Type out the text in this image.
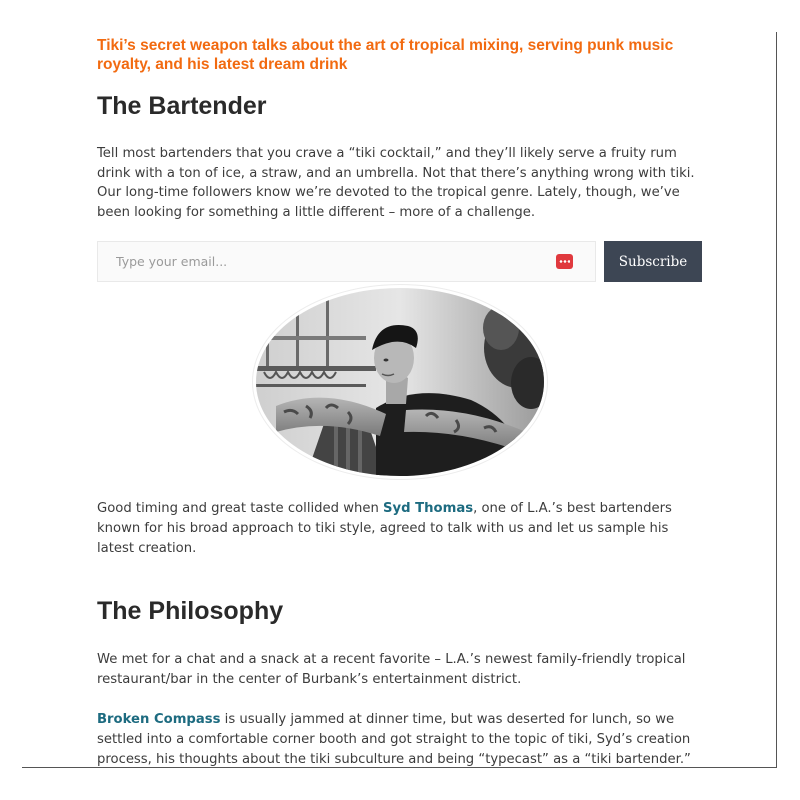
Tiki’s secret weapon talks about the art of tropical mixing, serving punk music royalty, and his latest dream drink

The Bartender

Tell most bartenders that you crave a “tiki cocktail,” and they’ll likely serve a fruity rum drink with a ton of ice, a straw, and an umbrella. Not that there’s anything wrong with tiki. Our long-time followers know we’re devoted to the tropical genre. Lately, though, we’ve been looking for something a little different – more of a challenge.

Type your email...
Subscribe

Good timing and great taste collided when Syd Thomas, one of L.A.’s best bartenders known for his broad approach to tiki style, agreed to talk with us and let us sample his latest creation.

The Philosophy

We met for a chat and a snack at a recent favorite – L.A.’s newest family-friendly tropical restaurant/bar in the center of Burbank’s entertainment district.

Broken Compass is usually jammed at dinner time, but was deserted for lunch, so we settled into a comfortable corner booth and got straight to the topic of tiki, Syd’s creation process, his thoughts about the tiki subculture and being “typecast” as a “tiki bartender.”
